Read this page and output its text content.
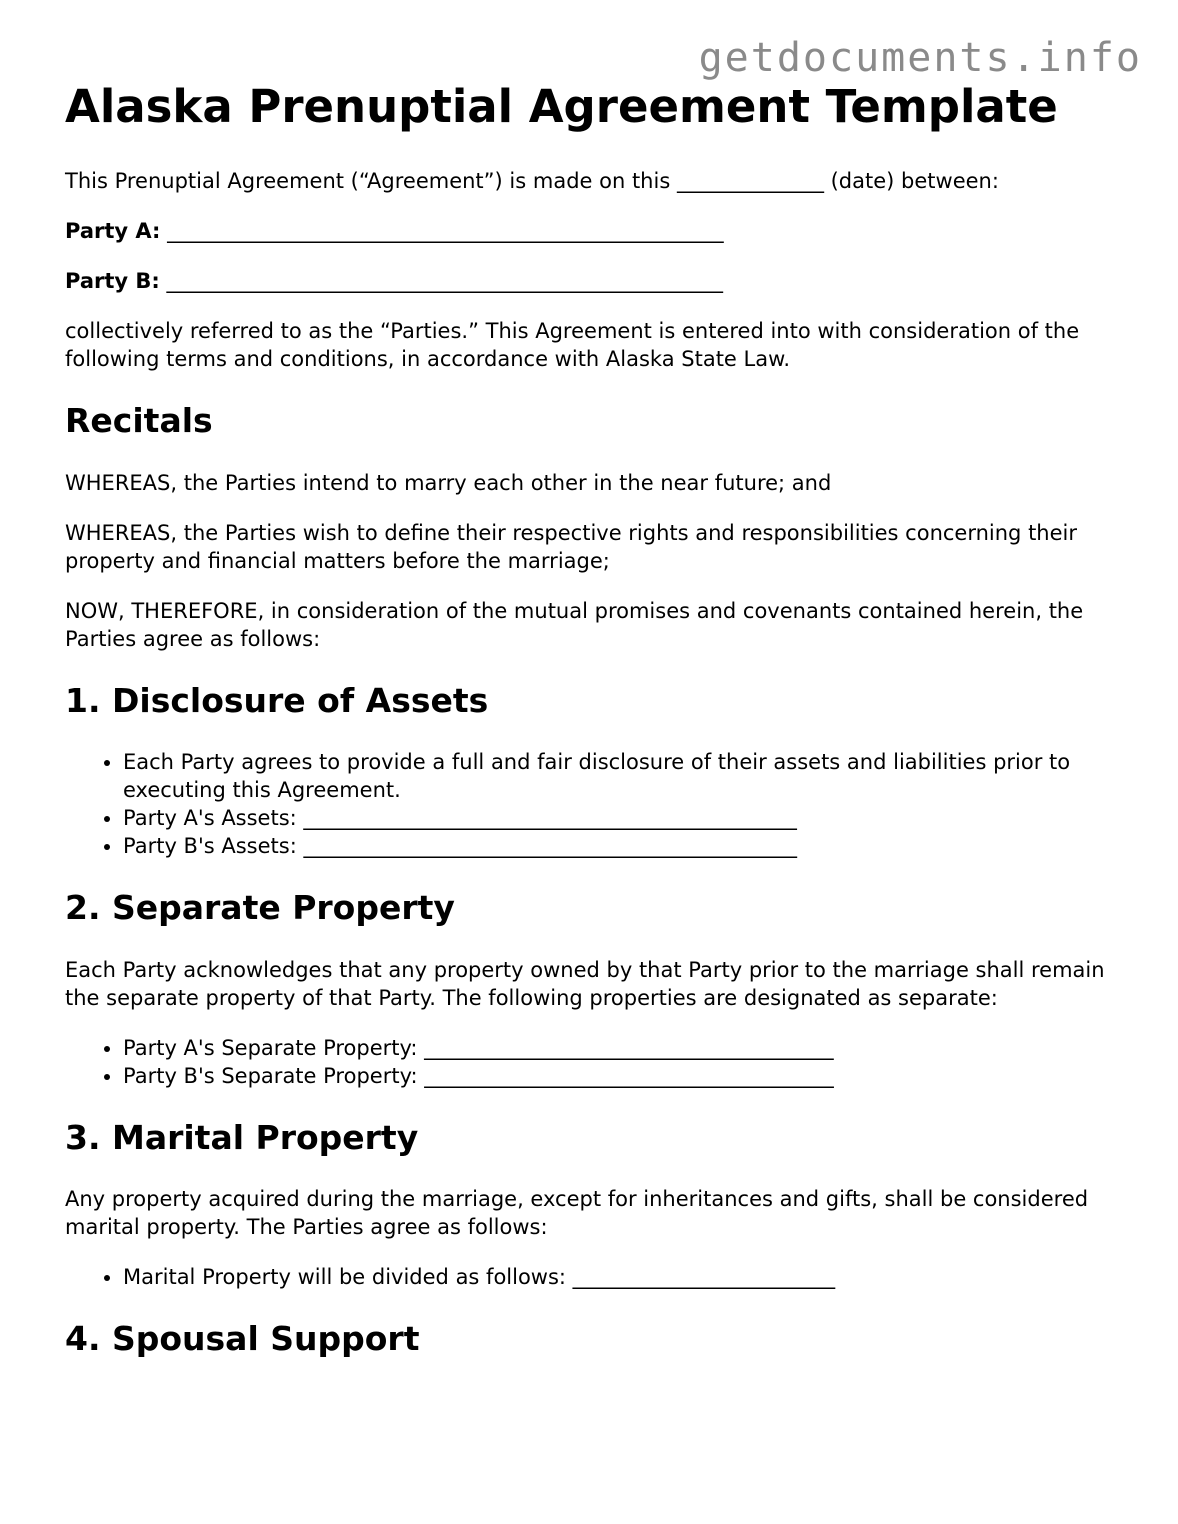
getdocuments.info
Alaska Prenuptial Agreement Template

This Prenuptial Agreement (“Agreement”) is made on this ______________ (date) between:

Party A: _____________________________________________________

Party B: _____________________________________________________

collectively referred to as the “Parties.” This Agreement is entered into with consideration of the following terms and conditions, in accordance with Alaska State Law.

Recitals

WHEREAS, the Parties intend to marry each other in the near future; and

WHEREAS, the Parties wish to define their respective rights and responsibilities concerning their property and financial matters before the marriage;

NOW, THEREFORE, in consideration of the mutual promises and covenants contained herein, the Parties agree as follows:

1. Disclosure of Assets
• Each Party agrees to provide a full and fair disclosure of their assets and liabilities prior to executing this Agreement.
• Party A's Assets: _______________________________________________
• Party B's Assets: _______________________________________________
2. Separate Property

Each Party acknowledges that any property owned by that Party prior to the marriage shall remain the separate property of that Party. The following properties are designated as separate:

• Party A's Separate Property: _______________________________________
• Party B's Separate Property: _______________________________________
3. Marital Property

Any property acquired during the marriage, except for inheritances and gifts, shall be considered marital property. The Parties agree as follows:

• Marital Property will be divided as follows: _________________________
4. Spousal Support
